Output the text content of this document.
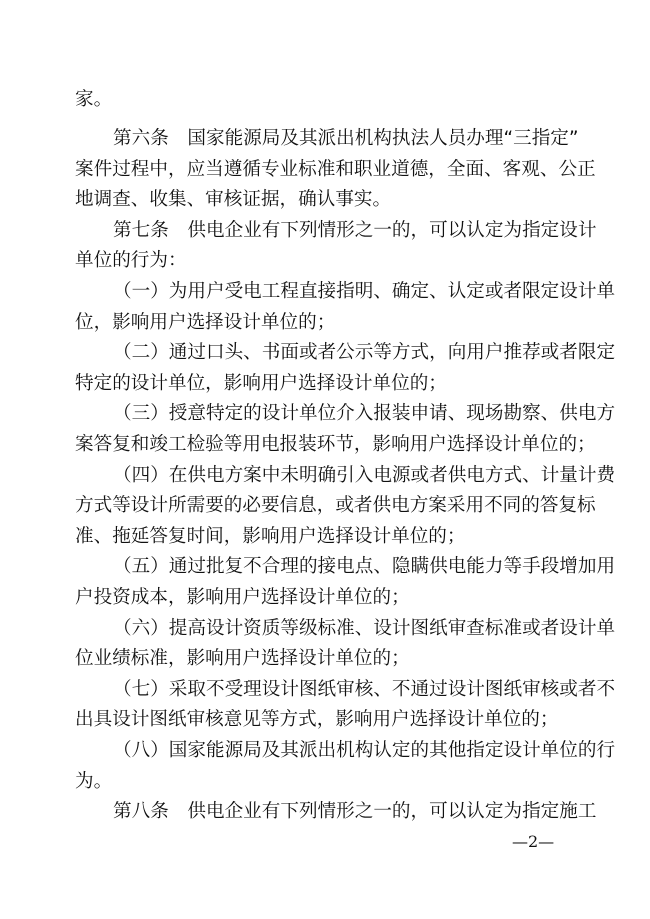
家。
第六条　国家能源局及其派出机构执法人员办理“三指定”
案件过程中，应当遵循专业标准和职业道德，全面、客观、公正
地调查、收集、审核证据，确认事实。
第七条　供电企业有下列情形之一的，可以认定为指定设计
单位的行为：
（一）为用户受电工程直接指明、确定、认定或者限定设计单
位，影响用户选择设计单位的；
（二）通过口头、书面或者公示等方式，向用户推荐或者限定
特定的设计单位，影响用户选择设计单位的；
（三）授意特定的设计单位介入报装申请、现场勘察、供电方
案答复和竣工检验等用电报装环节，影响用户选择设计单位的；
（四）在供电方案中未明确引入电源或者供电方式、计量计费
方式等设计所需要的必要信息，或者供电方案采用不同的答复标
准、拖延答复时间，影响用户选择设计单位的；
（五）通过批复不合理的接电点、隐瞒供电能力等手段增加用
户投资成本，影响用户选择设计单位的；
（六）提高设计资质等级标准、设计图纸审查标准或者设计单
位业绩标准，影响用户选择设计单位的；
（七）采取不受理设计图纸审核、不通过设计图纸审核或者不
出具设计图纸审核意见等方式，影响用户选择设计单位的；
（八）国家能源局及其派出机构认定的其他指定设计单位的行
为。
第八条　供电企业有下列情形之一的，可以认定为指定施工
—2—
